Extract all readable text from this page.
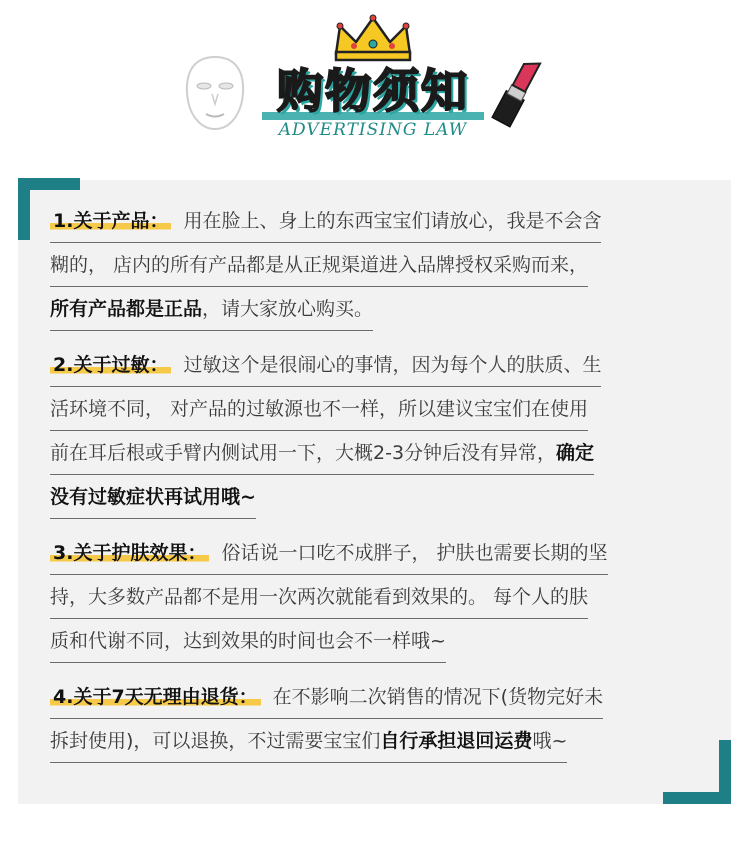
购物须知
ADVERTISING LAW
1.关于产品： 用在脸上、身上的东西宝宝们请放心，我是不会含
糊的， 店内的所有产品都是从正规渠道进入品牌授权采购而来，
所有产品都是正品，请大家放心购买。
2.关于过敏： 过敏这个是很闹心的事情，因为每个人的肤质、生
活环境不同， 对产品的过敏源也不一样，所以建议宝宝们在使用
前在耳后根或手臂内侧试用一下，大概2-3分钟后没有异常，确定
没有过敏症状再试用哦~
3.关于护肤效果： 俗话说一口吃不成胖子， 护肤也需要长期的坚
持，大多数产品都不是用一次两次就能看到效果的。 每个人的肤
质和代谢不同，达到效果的时间也会不一样哦~
4.关于7天无理由退货： 在不影响二次销售的情况下(货物完好未
拆封使用)，可以退换，不过需要宝宝们自行承担退回运费哦~
